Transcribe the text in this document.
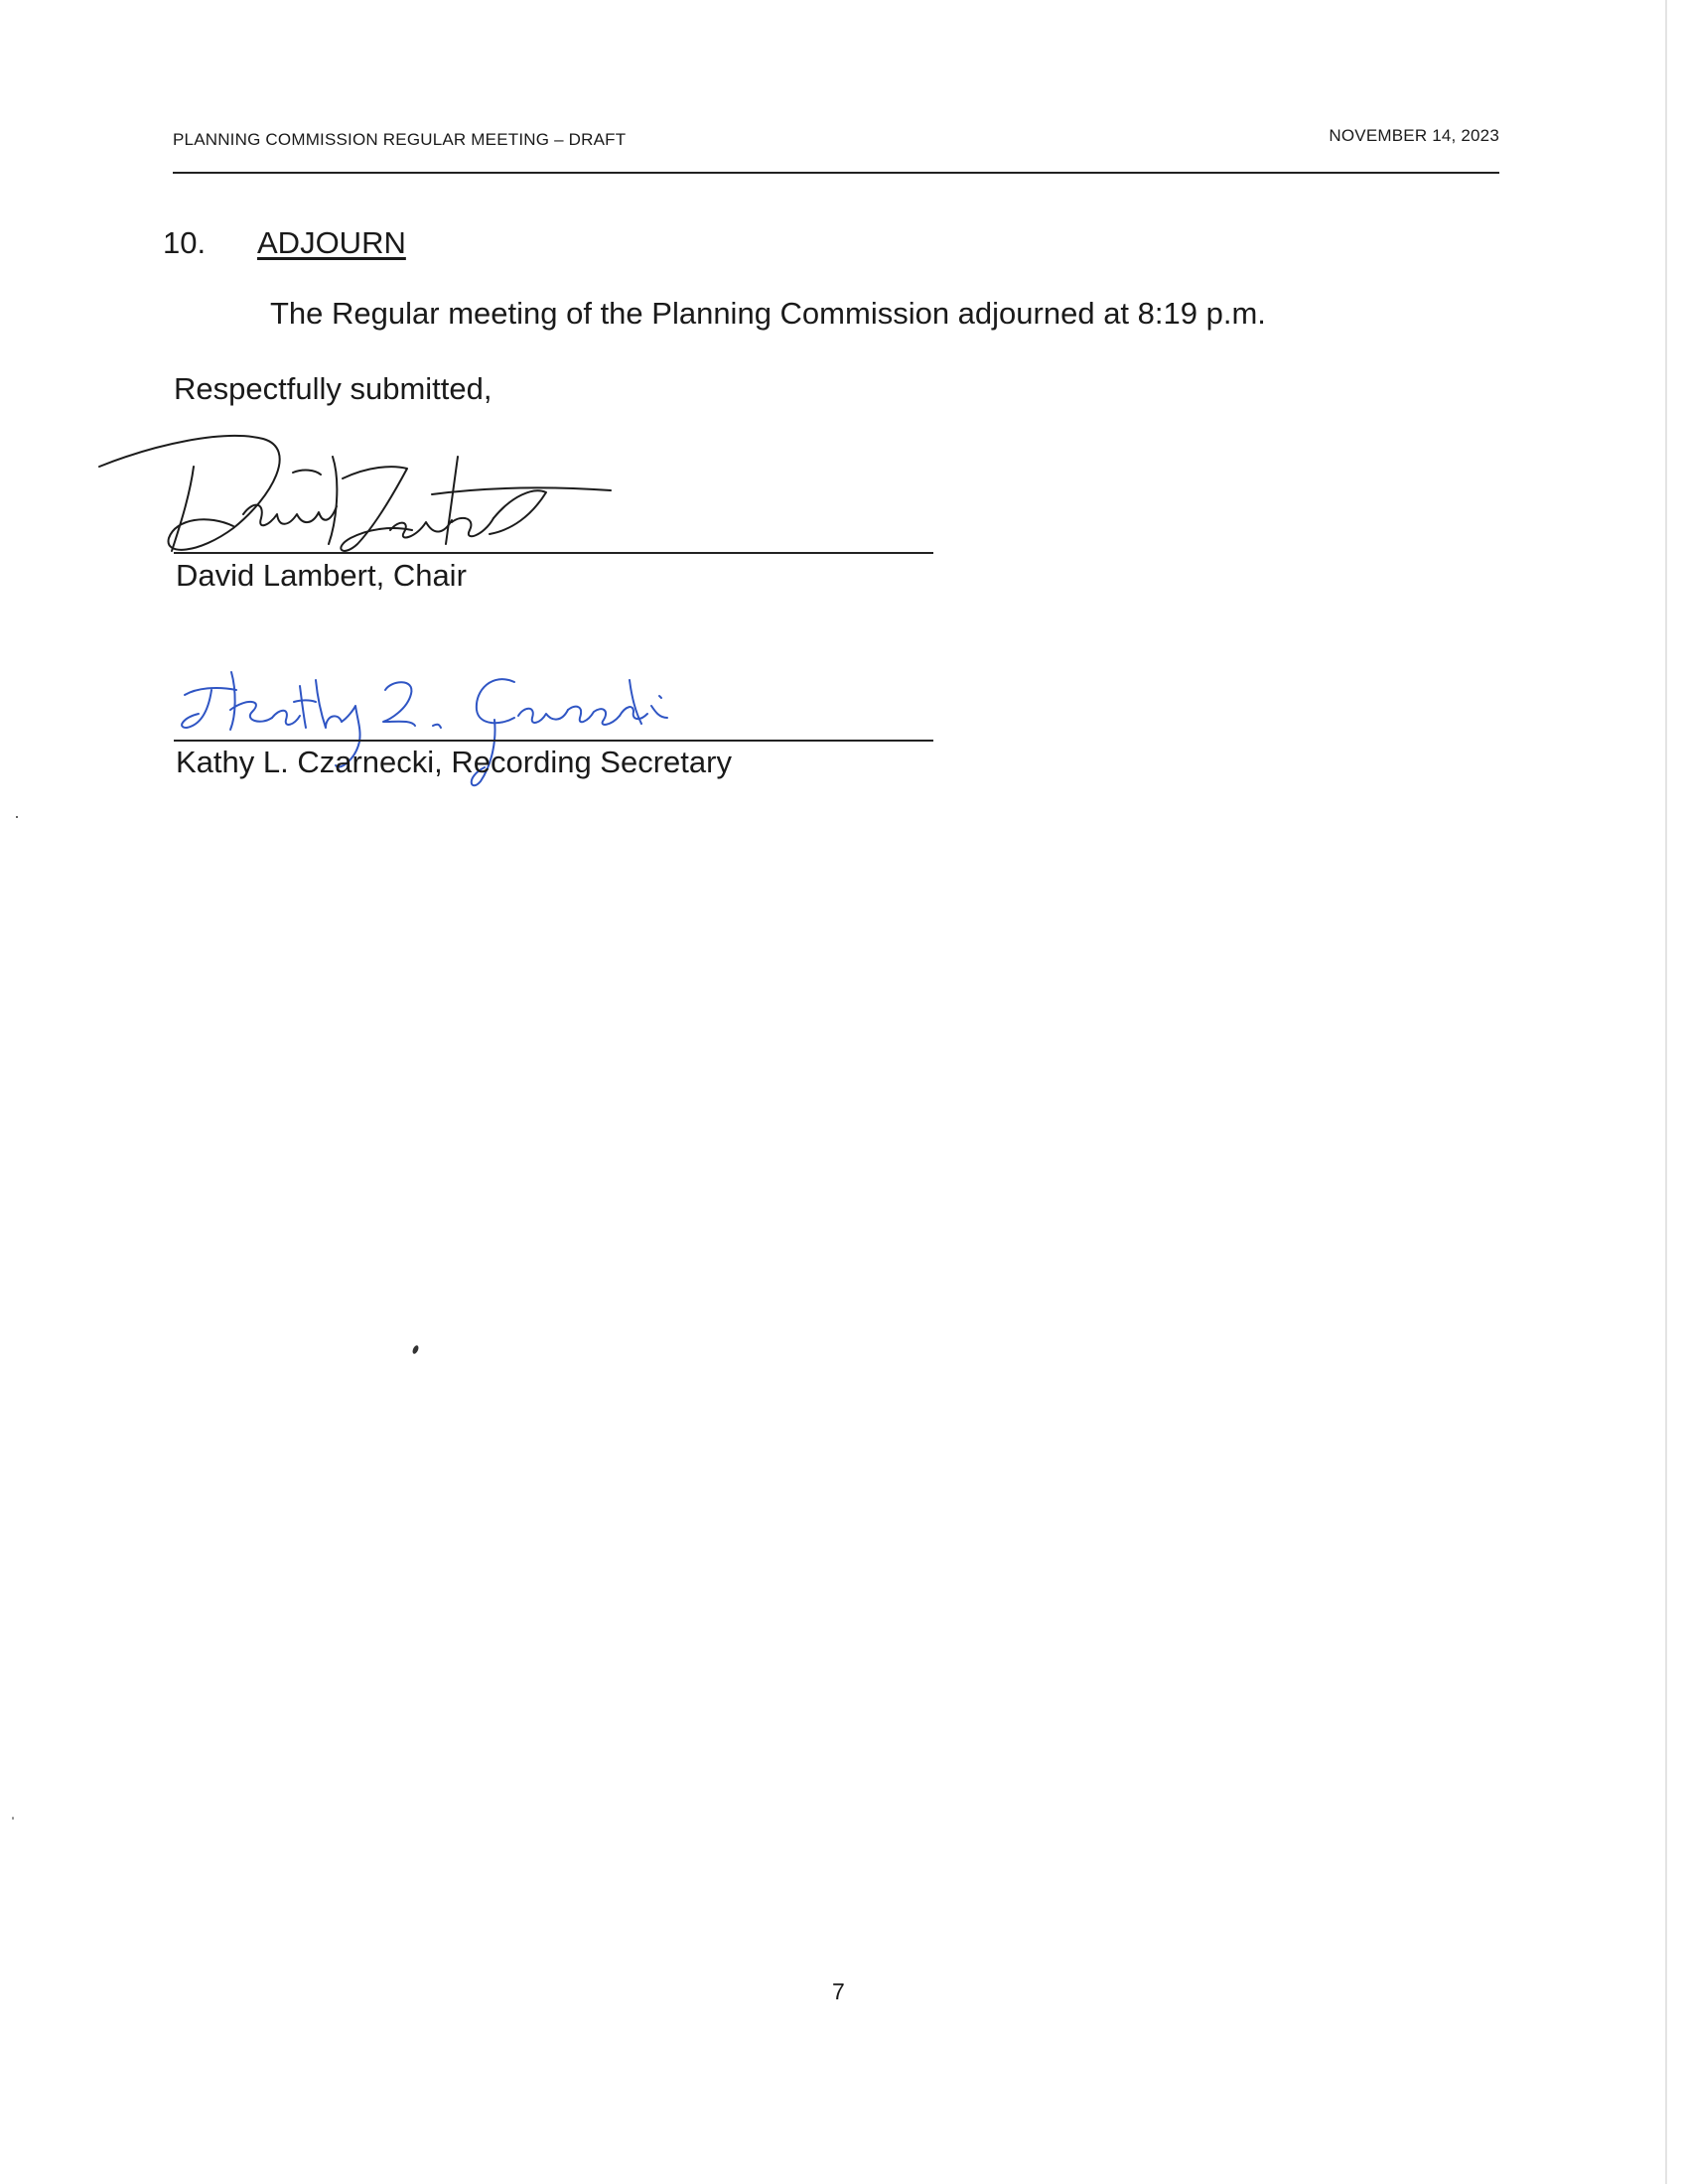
PLANNING COMMISSION REGULAR MEETING – DRAFT	NOVEMBER 14, 2023
10. ADJOURN
The Regular meeting of the Planning Commission adjourned at 8:19 p.m.
Respectfully submitted,
David Lambert, Chair
Kathy L. Czarnecki, Recording Secretary
7
